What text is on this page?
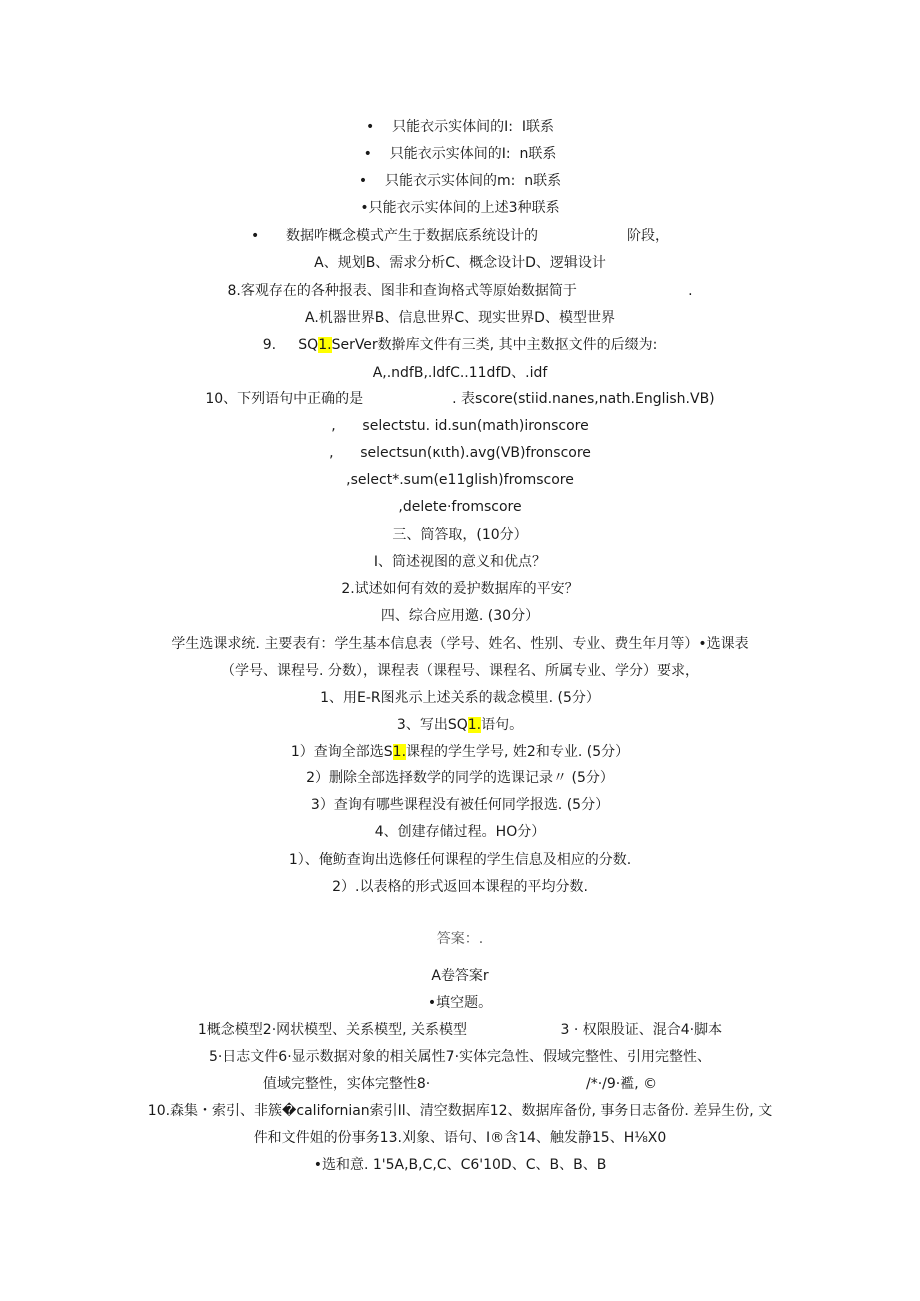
•    只能衣示实体间的I:  I联系
•    只能衣示实体间的I:  n联系
•    只能衣示实体间的m:  n联系
•只能衣示实体间的上述3种联系
•      数据咋概念模式产生于数据底系统设计的                    阶段，
A、规划B、需求分析C、概念设计D、逻辑设计
8.客观存在的各种报表、图非和查询格式等原始数据简于                         .
A.机器世界B、信息世界C、现实世界D、模型世界
9.     SQ1.SerVer数擀库文件有三类, 其中主数抠文件的后缀为:
A,.ndfB,.ldfC..11dfD、.idf
10、下列语句中正确的是                    . 表score(stiid.nanes,nath.English.VB)
,      selectstu. id.sun(math)ironscore
,      selectsun(κιth).avg(VB)fronscore
,select*.sum(e11glish)fromscore
,delete·fromscore
三、筒答取，(10分）
I、筒述视图的意义和优点？
2.试述如何有效的爰护数据库的平安？
四、综合应用邀. (30分）
学生选课求统. 主要表有：学生基本信息表（学号、姓名、性别、专业、费生年月等）•选课表
（学号、课程号. 分数），课程表（课程号、课程名、所属专业、学分）要求，
1、用E-R图兆示上述关系的裁念模里. (5分）
3、写出SQ1.语句。
1）查询全部选S1.课程的学生学号, 姓2和专业. (5分）
2）删除全部选择数学的同学的选课记录〃 (5分）
3）查询有哪些课程没有被任何同学报选. (5分）
4、创建存储过程。HO分）
1）、俺鲂查询出选修任何课程的学生信息及相应的分数.
2）.以表格的形式返回本课程的平均分数.
答案：.
A卷答案r
•填空题。
1概念模型2·网状模型、关系模型, 关系模型                     3 · 权限股证、混合4·脚本
5·日志文件6·显示数据对象的相关属性7·实体完急性、假域完整性、引用完整性、
值域完整性，实体完整性8·                                   /*·/9·襤, ©
10.森集・索引、非簇�californian索引Il、清空数据库12、数据库备份, 事务日志备份. 差异生份, 文
件和文件姐的份事务13.刈象、语句、I®含14、触发静15、H⅛X0
•选和意. 1'5A,B,C,C、C6'10D、C、B、B、B
